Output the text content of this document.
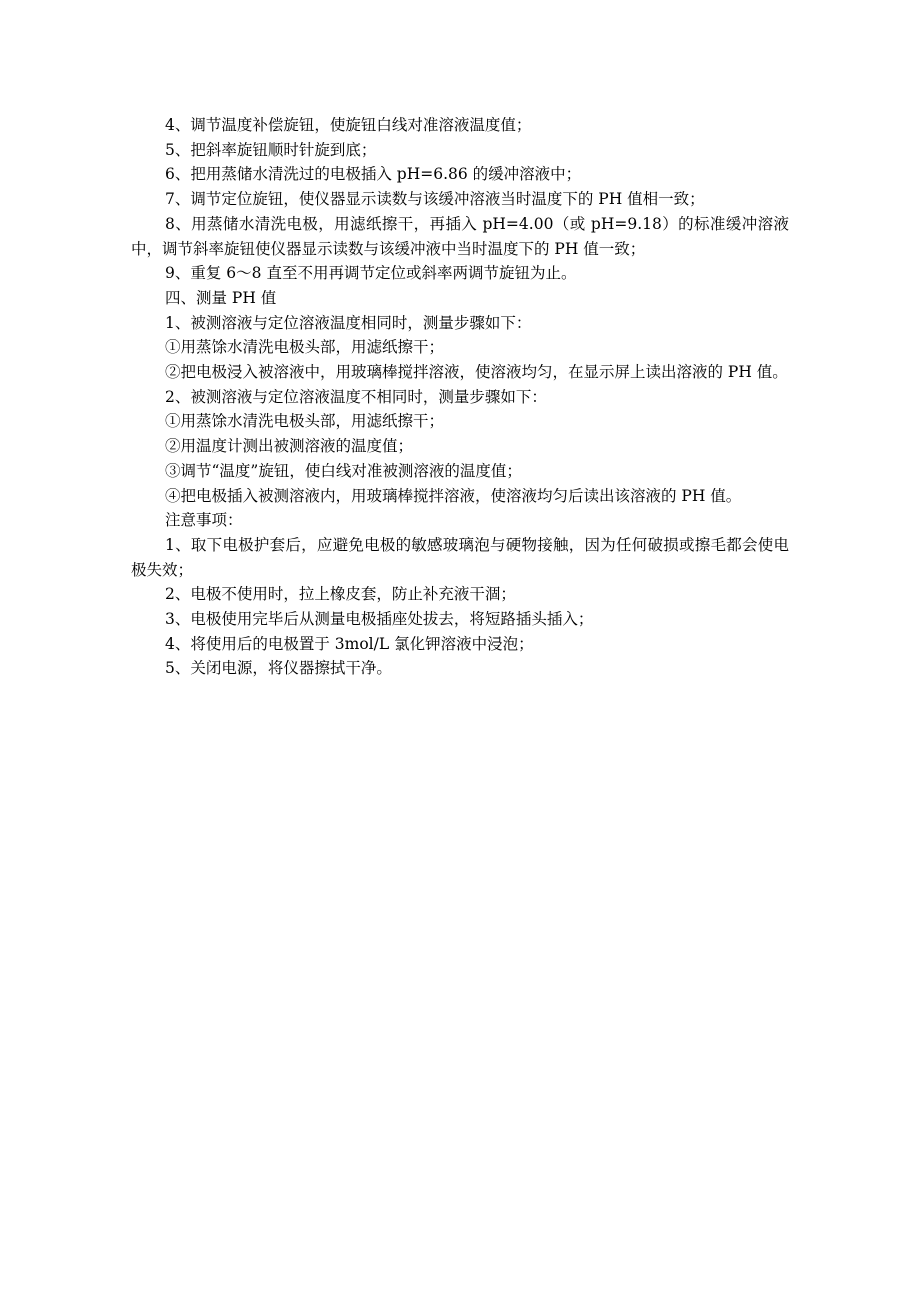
4、调节温度补偿旋钮，使旋钮白线对准溶液温度值；

5、把斜率旋钮顺时针旋到底；

6、把用蒸储水清洗过的电极插入 pH=6.86 的缓冲溶液中；

7、调节定位旋钮，使仪器显示读数与该缓冲溶液当时温度下的 PH 值相一致；

8、用蒸储水清洗电极，用滤纸擦干，再插入 pH=4.00（或 pH=9.18）的标准缓冲溶液中，调节斜率旋钮使仪器显示读数与该缓冲液中当时温度下的 PH 值一致；

9、重复 6～8 直至不用再调节定位或斜率两调节旋钮为止。

四、测量 PH 值

1、被测溶液与定位溶液温度相同时，测量步骤如下：

①用蒸馀水清洗电极头部，用滤纸擦干；

②把电极浸入被溶液中，用玻璃棒搅拌溶液，使溶液均匀，在显示屏上读出溶液的 PH 值。

2、被测溶液与定位溶液温度不相同时，测量步骤如下：

①用蒸馀水清洗电极头部，用滤纸擦干；

②用温度计测出被测溶液的温度值；

③调节“温度”旋钮，使白线对准被测溶液的温度值；

④把电极插入被测溶液内，用玻璃棒搅拌溶液，使溶液均匀后读出该溶液的 PH 值。

注意事项：

1、取下电极护套后，应避免电极的敏感玻璃泡与硬物接触，因为任何破损或擦毛都会使电极失效；

2、电极不使用时，拉上橡皮套，防止补充液干涸；

3、电极使用完毕后从测量电极插座处拔去，将短路插头插入；

4、将使用后的电极置于 3mol/L 氯化钾溶液中浸泡；

5、关闭电源，将仪器擦拭干净。
